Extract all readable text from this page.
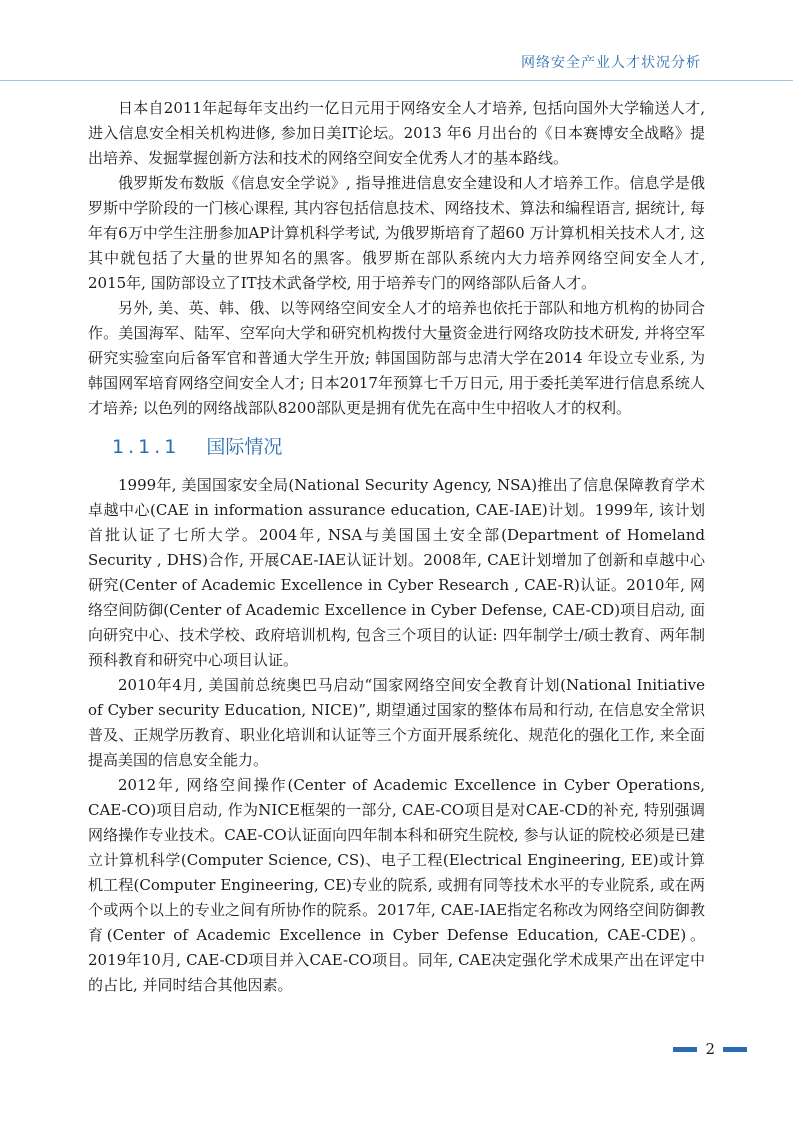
网络安全产业人才状况分析

日本自2011年起每年支出约一亿日元用于网络安全人才培养, 包括向国外大学输送人才, 进入信息安全相关机构进修, 参加日美IT论坛。2013 年6 月出台的《日本赛博安全战略》提出培养、发掘掌握创新方法和技术的网络空间安全优秀人才的基本路线。

俄罗斯发布数版《信息安全学说》, 指导推进信息安全建设和人才培养工作。信息学是俄罗斯中学阶段的一门核心课程, 其内容包括信息技术、网络技术、算法和编程语言, 据统计, 每年有6万中学生注册参加AP计算机科学考试, 为俄罗斯培育了超60 万计算机相关技术人才, 这其中就包括了大量的世界知名的黑客。俄罗斯在部队系统内大力培养网络空间安全人才, 2015年, 国防部设立了IT技术武备学校, 用于培养专门的网络部队后备人才。

另外, 美、英、韩、俄、以等网络空间安全人才的培养也依托于部队和地方机构的协同合作。美国海军、陆军、空军向大学和研究机构拨付大量资金进行网络攻防技术研发, 并将空军研究实验室向后备军官和普通大学生开放; 韩国国防部与忠清大学在2014 年设立专业系, 为韩国网军培育网络空间安全人才; 日本2017年预算七千万日元, 用于委托美军进行信息系统人才培养; 以色列的网络战部队8200部队更是拥有优先在高中生中招收人才的权利。

1.1.1 国际情况

1999年, 美国国家安全局(National Security Agency, NSA)推出了信息保障教育学术卓越中心(CAE in information assurance education, CAE-IAE)计划。1999年, 该计划首批认证了七所大学。2004年, NSA与美国国土安全部(Department of Homeland Security , DHS)合作, 开展CAE-IAE认证计划。2008年, CAE计划增加了创新和卓越中心研究(Center of Academic Excellence in Cyber Research , CAE-R)认证。2010年, 网络空间防御(Center of Academic Excellence in Cyber Defense, CAE-CD)项目启动, 面向研究中心、技术学校、政府培训机构, 包含三个项目的认证: 四年制学士/硕士教育、两年制预科教育和研究中心项目认证。

2010年4月, 美国前总统奥巴马启动“国家网络空间安全教育计划(National Initiative of Cyber security Education, NICE)”, 期望通过国家的整体布局和行动, 在信息安全常识普及、正规学历教育、职业化培训和认证等三个方面开展系统化、规范化的强化工作, 来全面提高美国的信息安全能力。

2012年, 网络空间操作(Center of Academic Excellence in Cyber Operations, CAE-CO)项目启动, 作为NICE框架的一部分, CAE-CO项目是对CAE-CD的补充, 特别强调网络操作专业技术。CAE-CO认证面向四年制本科和研究生院校, 参与认证的院校必须是已建立计算机科学(Computer Science, CS)、电子工程(Electrical Engineering, EE)或计算机工程(Computer Engineering, CE)专业的院系, 或拥有同等技术水平的专业院系, 或在两个或两个以上的专业之间有所协作的院系。2017年, CAE-IAE指定名称改为网络空间防御教育(Center of Academic Excellence in Cyber Defense Education, CAE-CDE)。2019年10月, CAE-CD项目并入CAE-CO项目。同年, CAE决定强化学术成果产出在评定中的占比, 并同时结合其他因素。

2
